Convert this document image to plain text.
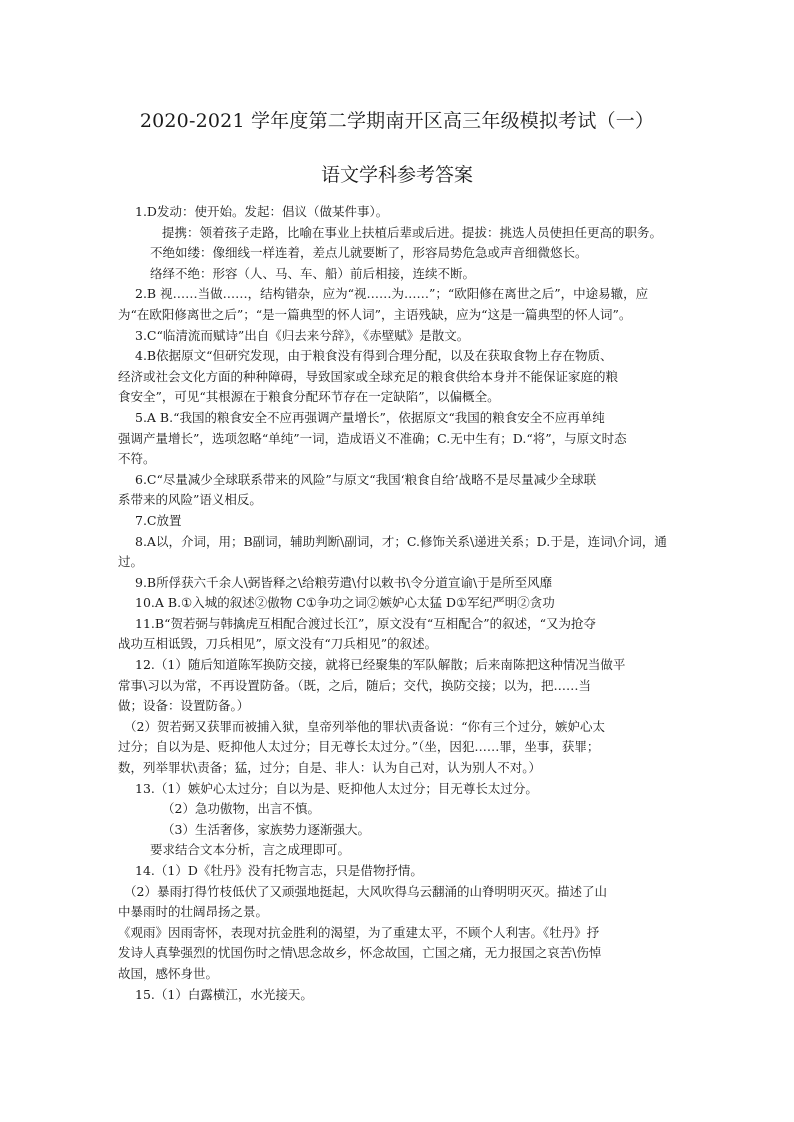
2020-2021 学年度第二学期南开区高三年级模拟考试（一）
语文学科参考答案

1.D发动：使开始。发起：倡议（做某件事）。

提携：领着孩子走路，比喻在事业上扶植后辈或后进。提拔：挑选人员使担任更高的职务。

不绝如缕：像细线一样连着，差点儿就要断了，形容局势危急或声音细微悠长。

络绎不绝：形容（人、马、车、船）前后相接，连续不断。

2.B 视……当做……，结构错杂，应为“视……为……”；“欧阳修在离世之后”，中途易辙，应

为“在欧阳修离世之后”；“是一篇典型的怀人词”，主语残缺，应为“这是一篇典型的怀人词”。

3.C“临清流而赋诗”出自《归去来兮辞》，《赤壁赋》是散文。

4.B依据原文“但研究发现，由于粮食没有得到合理分配，以及在获取食物上存在物质、

经济或社会文化方面的种种障碍，导致国家或全球充足的粮食供给本身并不能保证家庭的粮

食安全”，可见“其根源在于粮食分配环节存在一定缺陷”，以偏概全。

5.A B.“我国的粮食安全不应再强调产量增长”，依据原文“我国的粮食安全不应再单纯

强调产量增长”，选项忽略“单纯”一词，造成语义不准确；C.无中生有；D.“将”，与原文时态

不符。

6.C“尽量减少全球联系带来的风险”与原文“我国‘粮食自给’战略不是尽量减少全球联

系带来的风险”语义相反。

7.C放置

8.A以，介词，用；B副词，辅助判断\副词，才；C.修饰关系\递进关系；D.于是，连词\介词，通

过。

9.B所俘获六千余人\弼皆释之\给粮劳遣\付以敕书\令分道宣谕\于是所至风靡

10.A B.①入城的叙述②傲物 C①争功之词②嫉妒心太猛 D①军纪严明②贪功

11.B“贺若弼与韩擒虎互相配合渡过长江”，原文没有“互相配合”的叙述，“又为抢夺

战功互相诋毁，刀兵相见”，原文没有“刀兵相见”的叙述。

12.（1）随后知道陈军换防交接，就将已经聚集的军队解散；后来南陈把这种情况当做平

常事\习以为常，不再设置防备。（既，之后，随后；交代，换防交接；以为，把……当

做；设备：设置防备。）

（2）贺若弼又获罪而被捕入狱，皇帝列举他的罪状\责备说：“你有三个过分，嫉妒心太

过分；自以为是、贬抑他人太过分；目无尊长太过分。”（坐，因犯……罪，坐事，获罪；

数，列举罪状\责备；猛，过分；自是、非人：认为自己对，认为别人不对。）

13.（1）嫉妒心太过分；自以为是、贬抑他人太过分；目无尊长太过分。

（2）急功傲物，出言不慎。

（3）生活奢侈，家族势力逐渐强大。

要求结合文本分析，言之成理即可。

14.（1）D《牡丹》没有托物言志，只是借物抒情。

（2）暴雨打得竹枝低伏了又顽强地挺起，大风吹得乌云翻涌的山脊明明灭灭。描述了山

中暴雨时的壮阔昂扬之景。

《观雨》因雨寄怀，表现对抗金胜利的渴望，为了重建太平，不顾个人利害。《牡丹》抒

发诗人真挚强烈的忧国伤时之情\思念故乡，怀念故国，亡国之痛，无力报国之哀苦\伤悼

故国，感怀身世。

15.（1）白露横江，水光接天。
